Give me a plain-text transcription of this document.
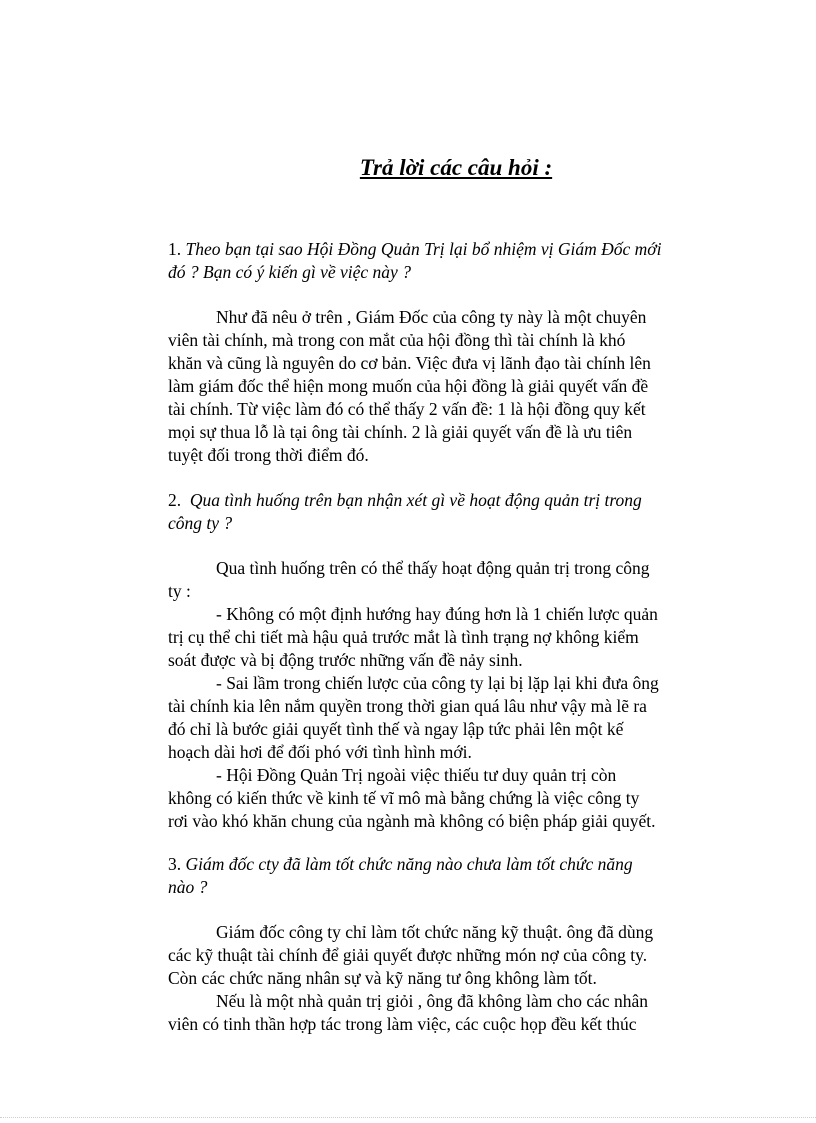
Trả lời các câu hỏi :
1. Theo bạn tại sao Hội Đồng Quản Trị lại bổ nhiệm vị Giám Đốc mới
đó ? Bạn có ý kiến gì về việc này ?
Như đã nêu ở trên , Giám Đốc của công ty này là một chuyên
viên tài chính, mà trong con mắt của hội đồng thì tài chính là khó
khăn và cũng là nguyên do cơ bản. Việc đưa vị lãnh đạo tài chính lên
làm giám đốc thể hiện mong muốn của hội đồng là giải quyết vấn đề
tài chính. Từ việc làm đó có thể thấy 2 vấn đề: 1 là hội đồng quy kết
mọi sự thua lỗ là tại ông tài chính. 2 là giải quyết vấn đề là ưu tiên
tuyệt đối trong thời điểm đó.
2. Qua tình huống trên bạn nhận xét gì về hoạt động quản trị trong
công ty ?
Qua tình huống trên có thể thấy hoạt động quản trị trong công
ty :
- Không có một định hướng hay đúng hơn là 1 chiến lược quản
trị cụ thể chi tiết mà hậu quả trước mắt là tình trạng nợ không kiểm
soát được và bị động trước những vấn đề nảy sinh.
- Sai lầm trong chiến lược của công ty lại bị lặp lại khi đưa ông
tài chính kia lên nắm quyền trong thời gian quá lâu như vậy mà lẽ ra
đó chỉ là bước giải quyết tình thế và ngay lập tức phải lên một kế
hoạch dài hơi để đối phó với tình hình mới.
- Hội Đồng Quản Trị ngoài việc thiếu tư duy quản trị còn
không có kiến thức về kinh tế vĩ mô mà bằng chứng là việc công ty
rơi vào khó khăn chung của ngành mà không có biện pháp giải quyết.
3. Giám đốc cty đã làm tốt chức năng nào chưa làm tốt chức năng
nào ?
Giám đốc công ty chỉ làm tốt chức năng kỹ thuật. ông đã dùng
các kỹ thuật tài chính để giải quyết được những món nợ của công ty.
Còn các chức năng nhân sự và kỹ năng tư ông không làm tốt.
Nếu là một nhà quản trị giỏi , ông đã không làm cho các nhân
viên có tinh thần hợp tác trong làm việc, các cuộc họp đều kết thúc
